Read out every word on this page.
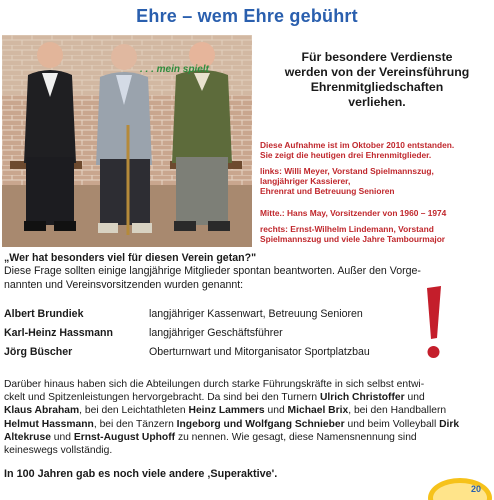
Ehre – wem Ehre gebührt
. . . mein spielt
Für besondere Verdienste
werden von der Vereinsführung
Ehrenmitgliedschaften
verliehen.
Diese Aufnahme ist im Oktober 2010 entstanden.
Sie zeigt die heutigen drei Ehrenmitglieder.
links: Willi Meyer, Vorstand Spielmannszug,
langjähriger Kassierer,
Ehrenrat und Betreuung Senioren
Mitte.: Hans May, Vorsitzender von 1960 – 1974
rechts: Ernst-Wilhelm Lindemann, Vorstand
Spielmannszug und viele Jahre Tambourmajor
„Wer hat besonders viel für diesen Verein getan?"
Diese Frage sollten einige langjährige Mitglieder spontan beantworten. Außer den Vorge-
nannten und Vereinsvorsitzenden wurden genannt:
Albert Brundiek	langjähriger Kassenwart, Betreuung Senioren
Karl-Heinz Hassmann	langjähriger Geschäftsführer
Jörg Büscher	Oberturnwart und Mitorganisator Sportplatzbau
Darüber hinaus haben sich die Abteilungen durch starke Führungskräfte in sich selbst entwi-
ckelt und Spitzenleistungen hervorgebracht. Da sind bei den Turnern Ulrich Christoffer und
Klaus Abraham, bei den Leichtathleten Heinz Lammers und Michael Brix, bei den Handballern
Helmut Hassmann, bei den Tänzern Ingeborg und Wolfgang Schnieber und beim Volleyball Dirk
Altekruse und Ernst-August Uphoff zu nennen. Wie gesagt, diese Namensnennung sind
keineswegs vollständig.
In 100 Jahren gab es noch viele andere ‚Superaktive'.
20
